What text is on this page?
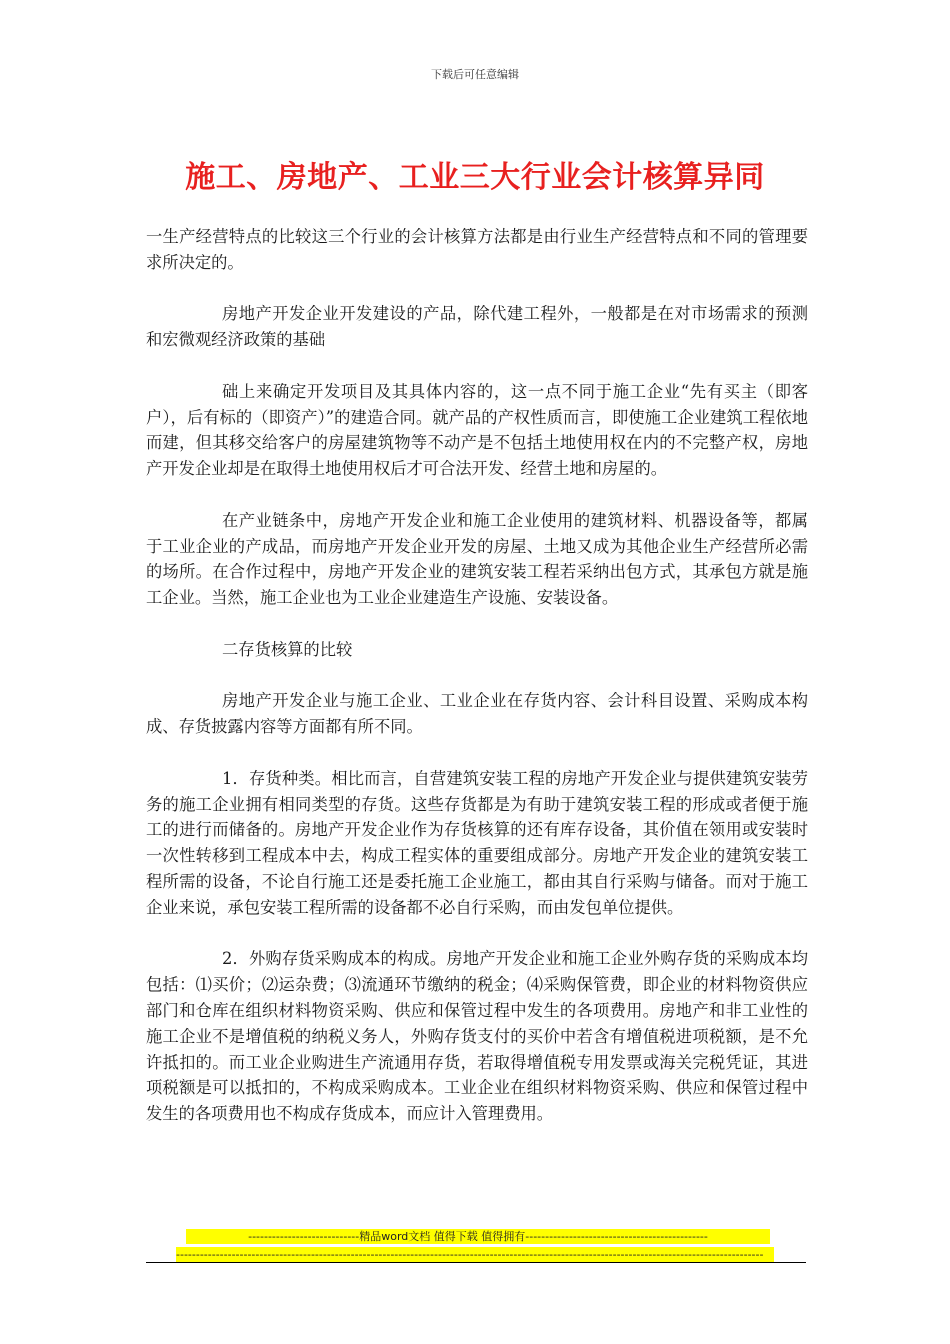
下载后可任意编辑
施工、房地产、工业三大行业会计核算异同

一生产经营特点的比较这三个行业的会计核算方法都是由行业生产经营特点和不同的管理要求所决定的。

房地产开发企业开发建设的产品，除代建工程外，一般都是在对市场需求的预测和宏微观经济政策的基础

础上来确定开发项目及其具体内容的，这一点不同于施工企业“先有买主（即客户），后有标的（即资产）”的建造合同。就产品的产权性质而言，即使施工企业建筑工程依地而建，但其移交给客户的房屋建筑物等不动产是不包括土地使用权在内的不完整产权，房地产开发企业却是在取得土地使用权后才可合法开发、经营土地和房屋的。

在产业链条中，房地产开发企业和施工企业使用的建筑材料、机器设备等，都属于工业企业的产成品，而房地产开发企业开发的房屋、土地又成为其他企业生产经营所必需的场所。在合作过程中，房地产开发企业的建筑安装工程若采纳出包方式，其承包方就是施工企业。当然，施工企业也为工业企业建造生产设施、安装设备。

二存货核算的比较

房地产开发企业与施工企业、工业企业在存货内容、会计科目设置、采购成本构成、存货披露内容等方面都有所不同。

1．存货种类。相比而言，自营建筑安装工程的房地产开发企业与提供建筑安装劳务的施工企业拥有相同类型的存货。这些存货都是为有助于建筑安装工程的形成或者便于施工的进行而储备的。房地产开发企业作为存货核算的还有库存设备，其价值在领用或安装时一次性转移到工程成本中去，构成工程实体的重要组成部分。房地产开发企业的建筑安装工程所需的设备，不论自行施工还是委托施工企业施工，都由其自行采购与储备。而对于施工企业来说，承包安装工程所需的设备都不必自行采购，而由发包单位提供。

2．外购存货采购成本的构成。房地产开发企业和施工企业外购存货的采购成本均包括：⑴买价；⑵运杂费；⑶流通环节缴纳的税金；⑷采购保管费，即企业的材料物资供应部门和仓库在组织材料物资采购、供应和保管过程中发生的各项费用。房地产和非工业性的施工企业不是增值税的纳税义务人，外购存货支付的买价中若含有增值税进项税额，是不允许抵扣的。而工业企业购进生产流通用存货，若取得增值税专用发票或海关完税凭证，其进项税额是可以抵扣的，不构成采购成本。工业企业在组织材料物资采购、供应和保管过程中发生的各项费用也不构成存货成本，而应计入管理费用。

----------------------------精品word文档 值得下载 值得拥有----------------------------------------------
----------------------------------------------------------------------------------------------------------------------------------------------------
